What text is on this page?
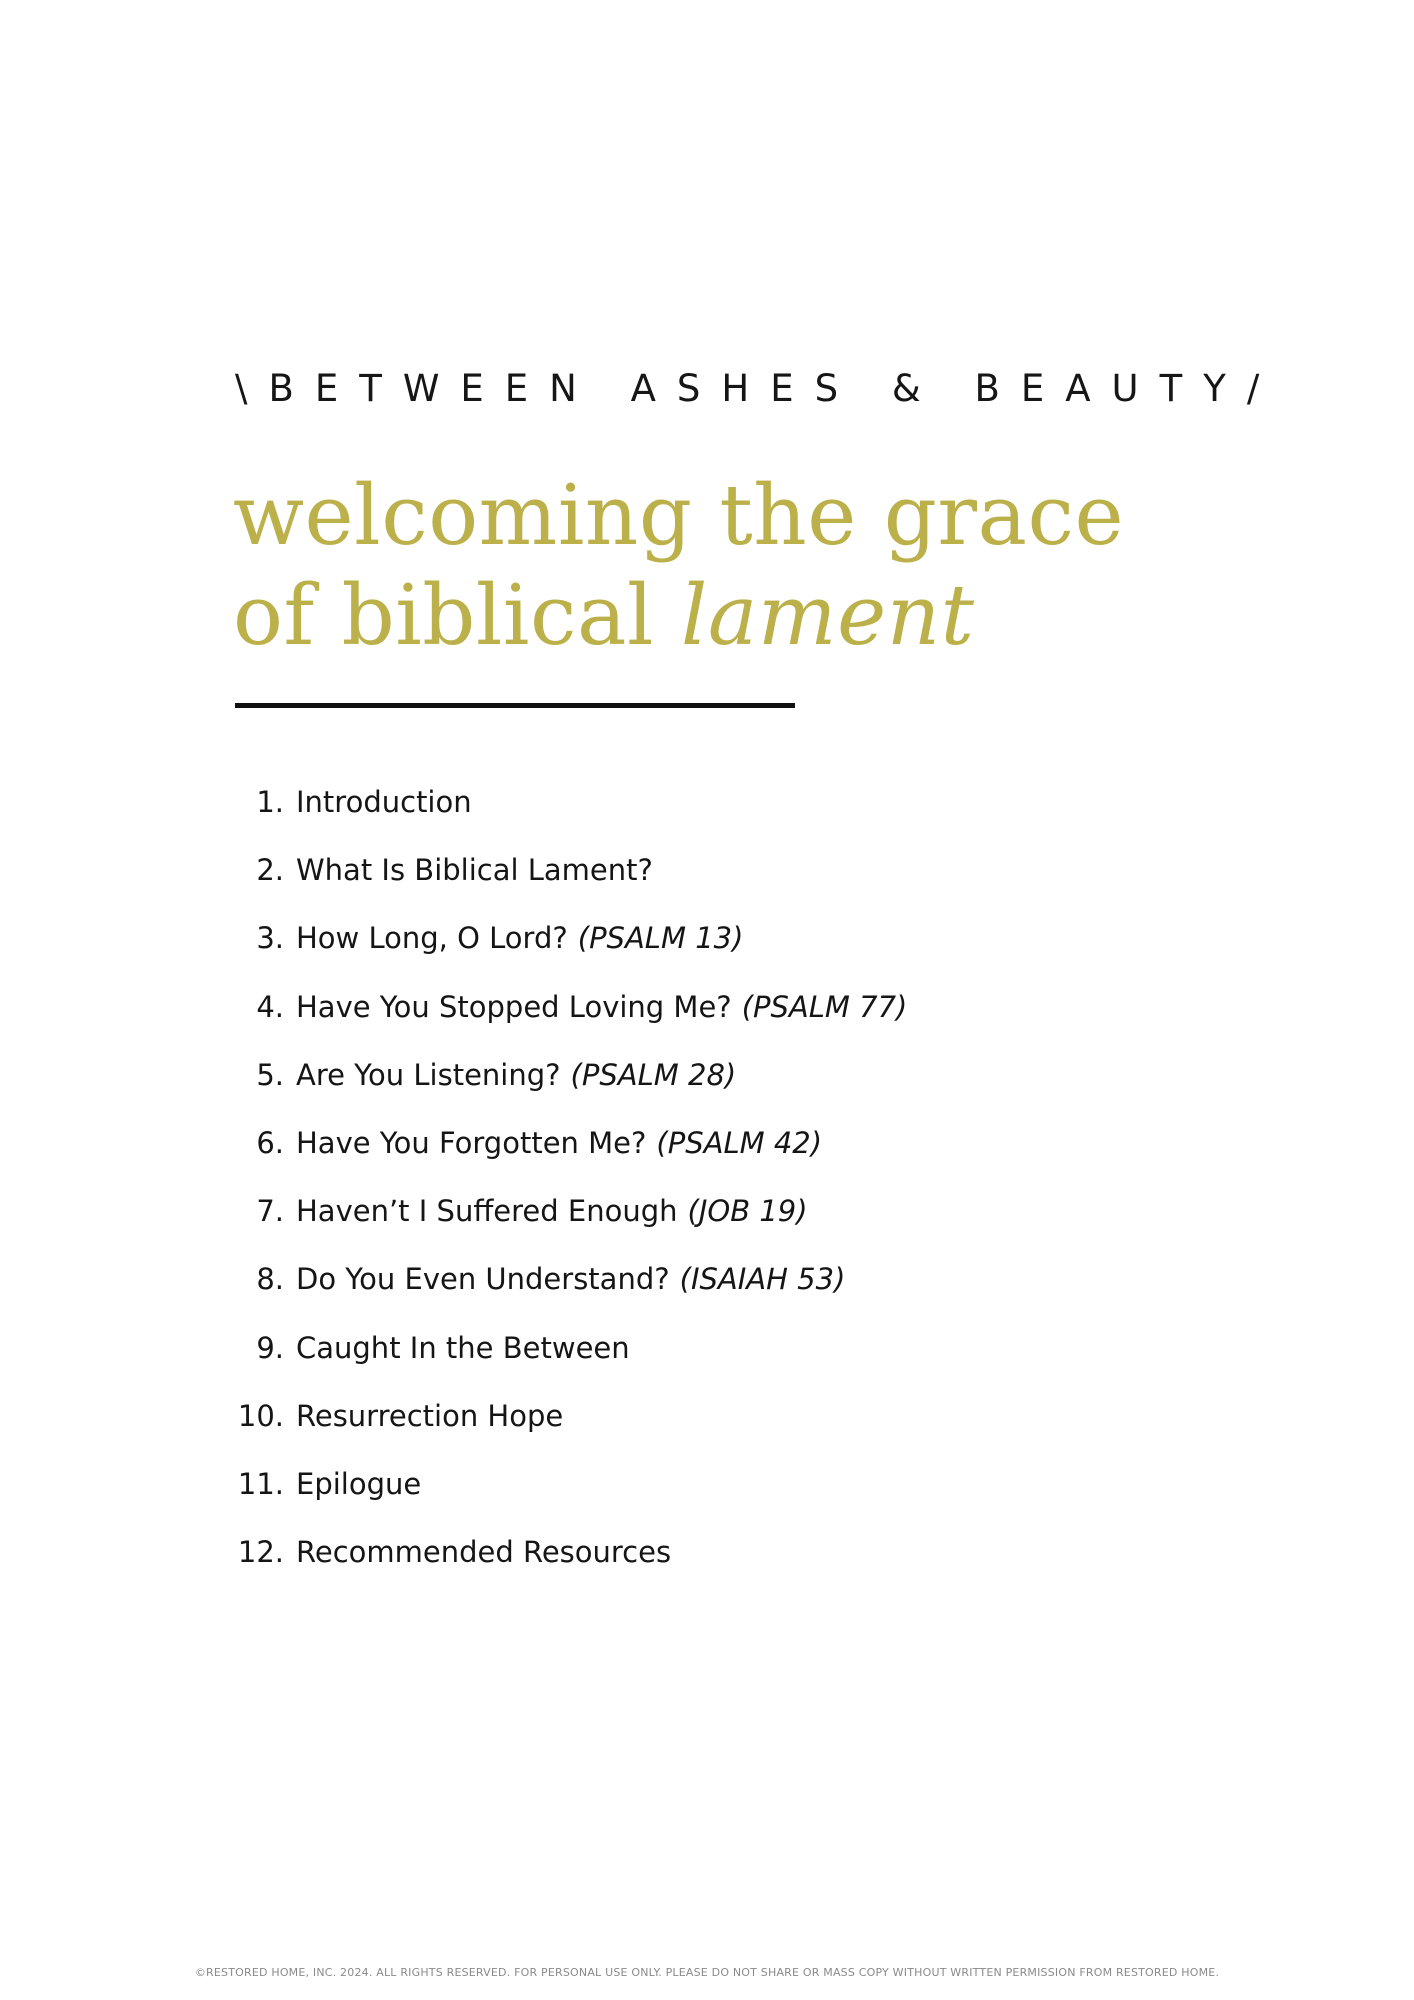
\BETWEEN ASHES & BEAUTY/
welcoming the grace
of biblical lament
1. Introduction
2. What Is Biblical Lament?
3. How Long, O Lord? (PSALM 13)
4. Have You Stopped Loving Me? (PSALM 77)
5. Are You Listening? (PSALM 28)
6. Have You Forgotten Me? (PSALM 42)
7. Haven’t I Suffered Enough (JOB 19)
8. Do You Even Understand? (ISAIAH 53)
9. Caught In the Between
10. Resurrection Hope
11. Epilogue
12. Recommended Resources
©RESTORED HOME, INC. 2024. ALL RIGHTS RESERVED. FOR PERSONAL USE ONLY. PLEASE DO NOT SHARE OR MASS COPY WITHOUT WRITTEN PERMISSION FROM RESTORED HOME.
